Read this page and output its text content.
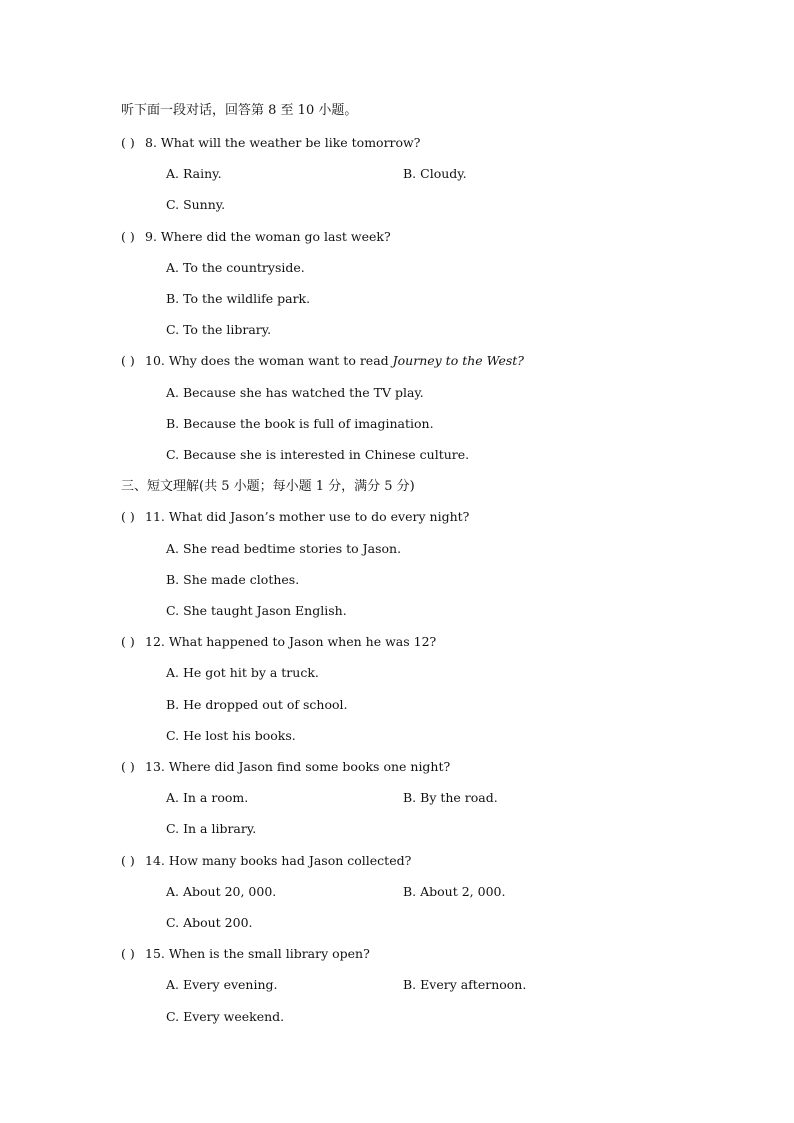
听下面一段对话，回答第 8 至 10 小题。
( ) 8. What will the weather be like tomorrow?
A. Rainy.	B. Cloudy.
C. Sunny.
( ) 9. Where did the woman go last week?
A. To the countryside.
B. To the wildlife park.
C. To the library.
( ) 10. Why does the woman want to read Journey to the West?
A. Because she has watched the TV play.
B. Because the book is full of imagination.
C. Because she is interested in Chinese culture.
三、短文理解(共 5 小题；每小题 1 分，满分 5 分)
( ) 11. What did Jason’s mother use to do every night?
A. She read bedtime stories to Jason.
B. She made clothes.
C. She taught Jason English.
( ) 12. What happened to Jason when he was 12?
A. He got hit by a truck.
B. He dropped out of school.
C. He lost his books.
( ) 13. Where did Jason find some books one night?
A. In a room.	B. By the road.
C. In a library.
( ) 14. How many books had Jason collected?
A. About 20, 000.	B. About 2, 000.
C. About 200.
( ) 15. When is the small library open?
A. Every evening.	B. Every afternoon.
C. Every weekend.
